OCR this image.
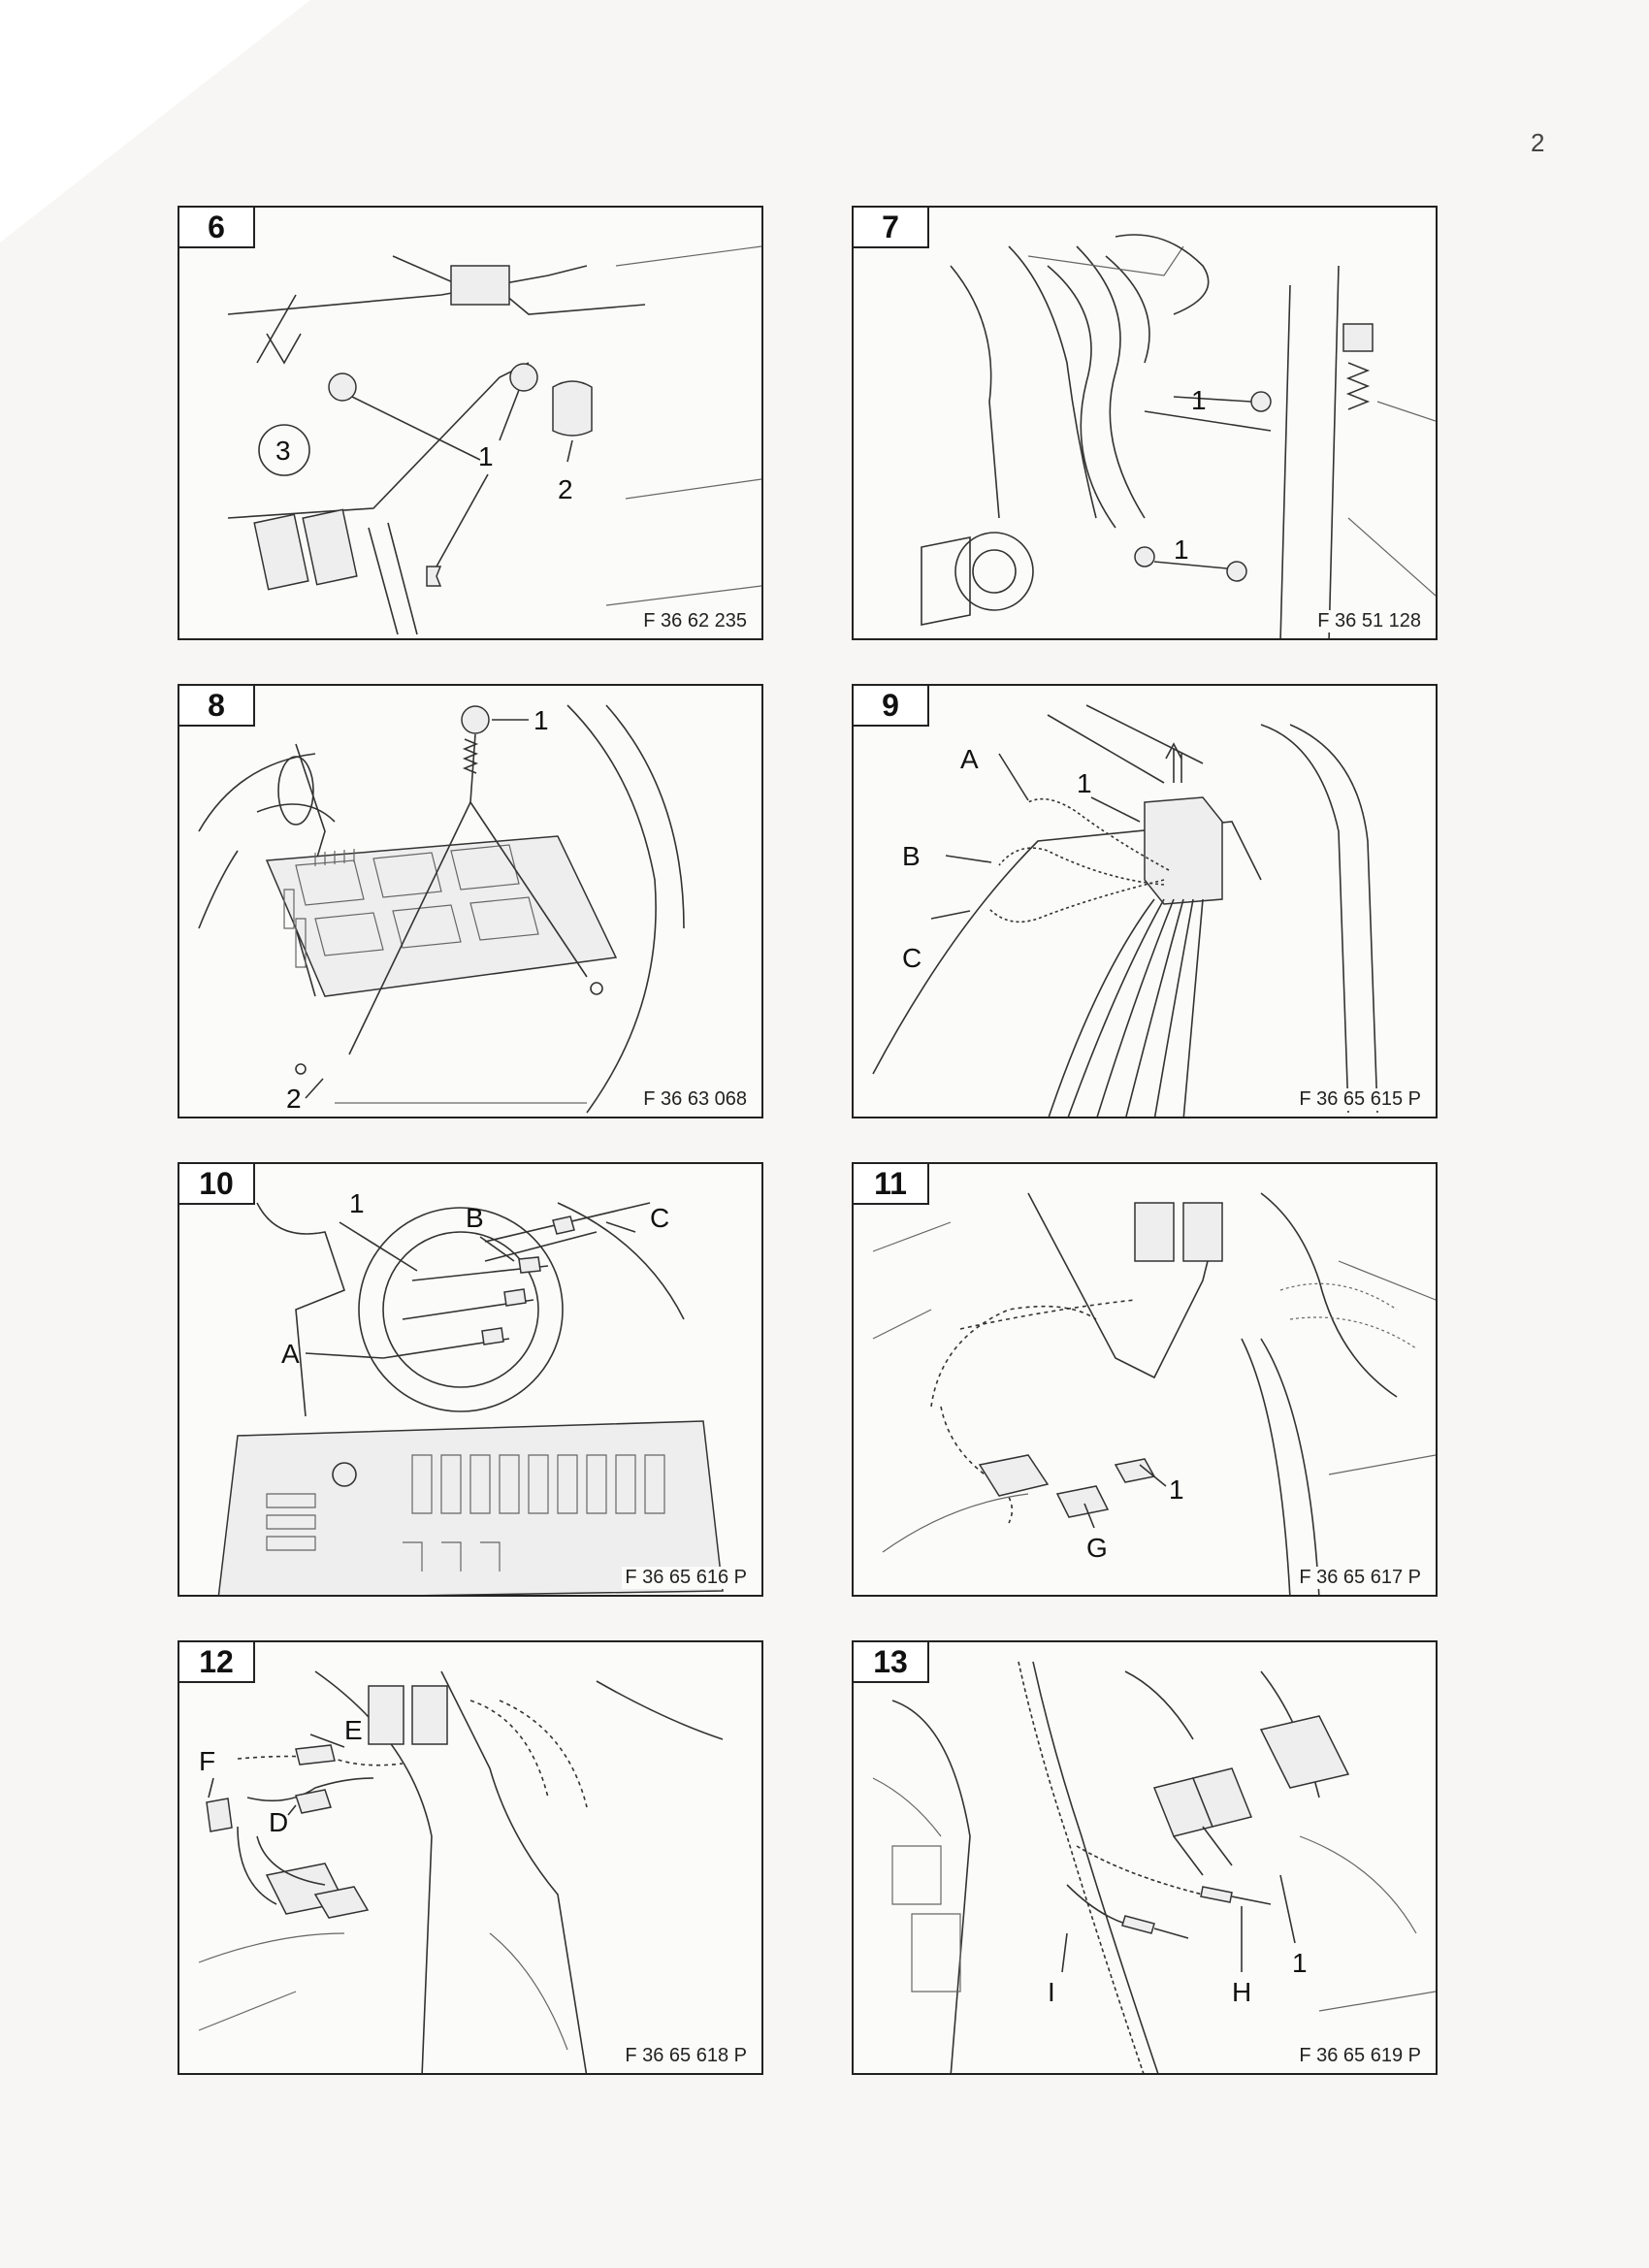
2
6
3	1
2
F 36 62 235
7
1
1
F 36 51 128
8	1
2	F 36 63 068
9
A
B
C
1
F 36 65 615 P
10
1	B	C
A
F 36 65 616 P
11
1
G
F 36 65 617 P
12
E
F
D
F 36 65 618 P
13
1
I	H
F 36 65 619 P
